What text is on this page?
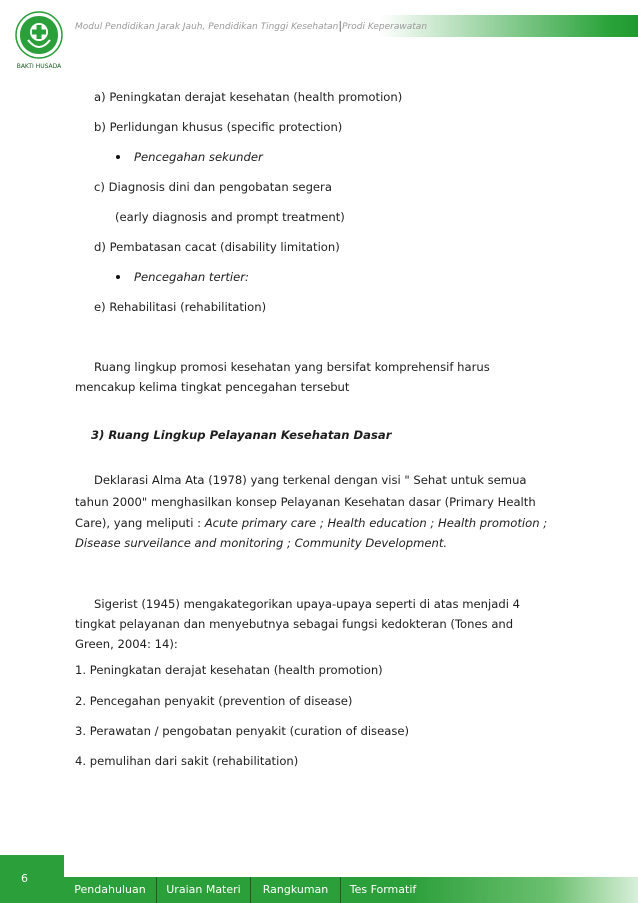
BAKTI HUSADA
Modul Pendidikan Jarak Jauh, Pendidikan Tinggi Kesehatan|Prodi Keperawatan
a) Peningkatan derajat kesehatan (health promotion)
b) Perlidungan khusus (specific protection)
Pencegahan sekunder
c) Diagnosis dini dan pengobatan segera
(early diagnosis and prompt treatment)
d) Pembatasan cacat (disability limitation)
Pencegahan tertier:
e) Rehabilitasi (rehabilitation)
Ruang lingkup promosi kesehatan yang bersifat komprehensif harus
mencakup kelima tingkat pencegahan tersebut
3) Ruang Lingkup Pelayanan Kesehatan Dasar
Deklarasi Alma Ata (1978) yang terkenal dengan visi " Sehat untuk semua
tahun 2000" menghasilkan konsep Pelayanan Kesehatan dasar (Primary Health
Care), yang meliputi : Acute primary care ; Health education ; Health promotion ;
Disease surveilance and monitoring ; Community Development.
Sigerist (1945) mengakategorikan upaya-upaya seperti di atas menjadi 4
tingkat pelayanan dan menyebutnya sebagai fungsi kedokteran (Tones and
Green, 2004: 14):
1. Peningkatan derajat kesehatan (health promotion)
2. Pencegahan penyakit (prevention of disease)
3. Perawatan / pengobatan penyakit (curation of disease)
4. pemulihan dari sakit (rehabilitation)
6
Pendahuluan	Uraian Materi	Rangkuman	Tes Formatif
